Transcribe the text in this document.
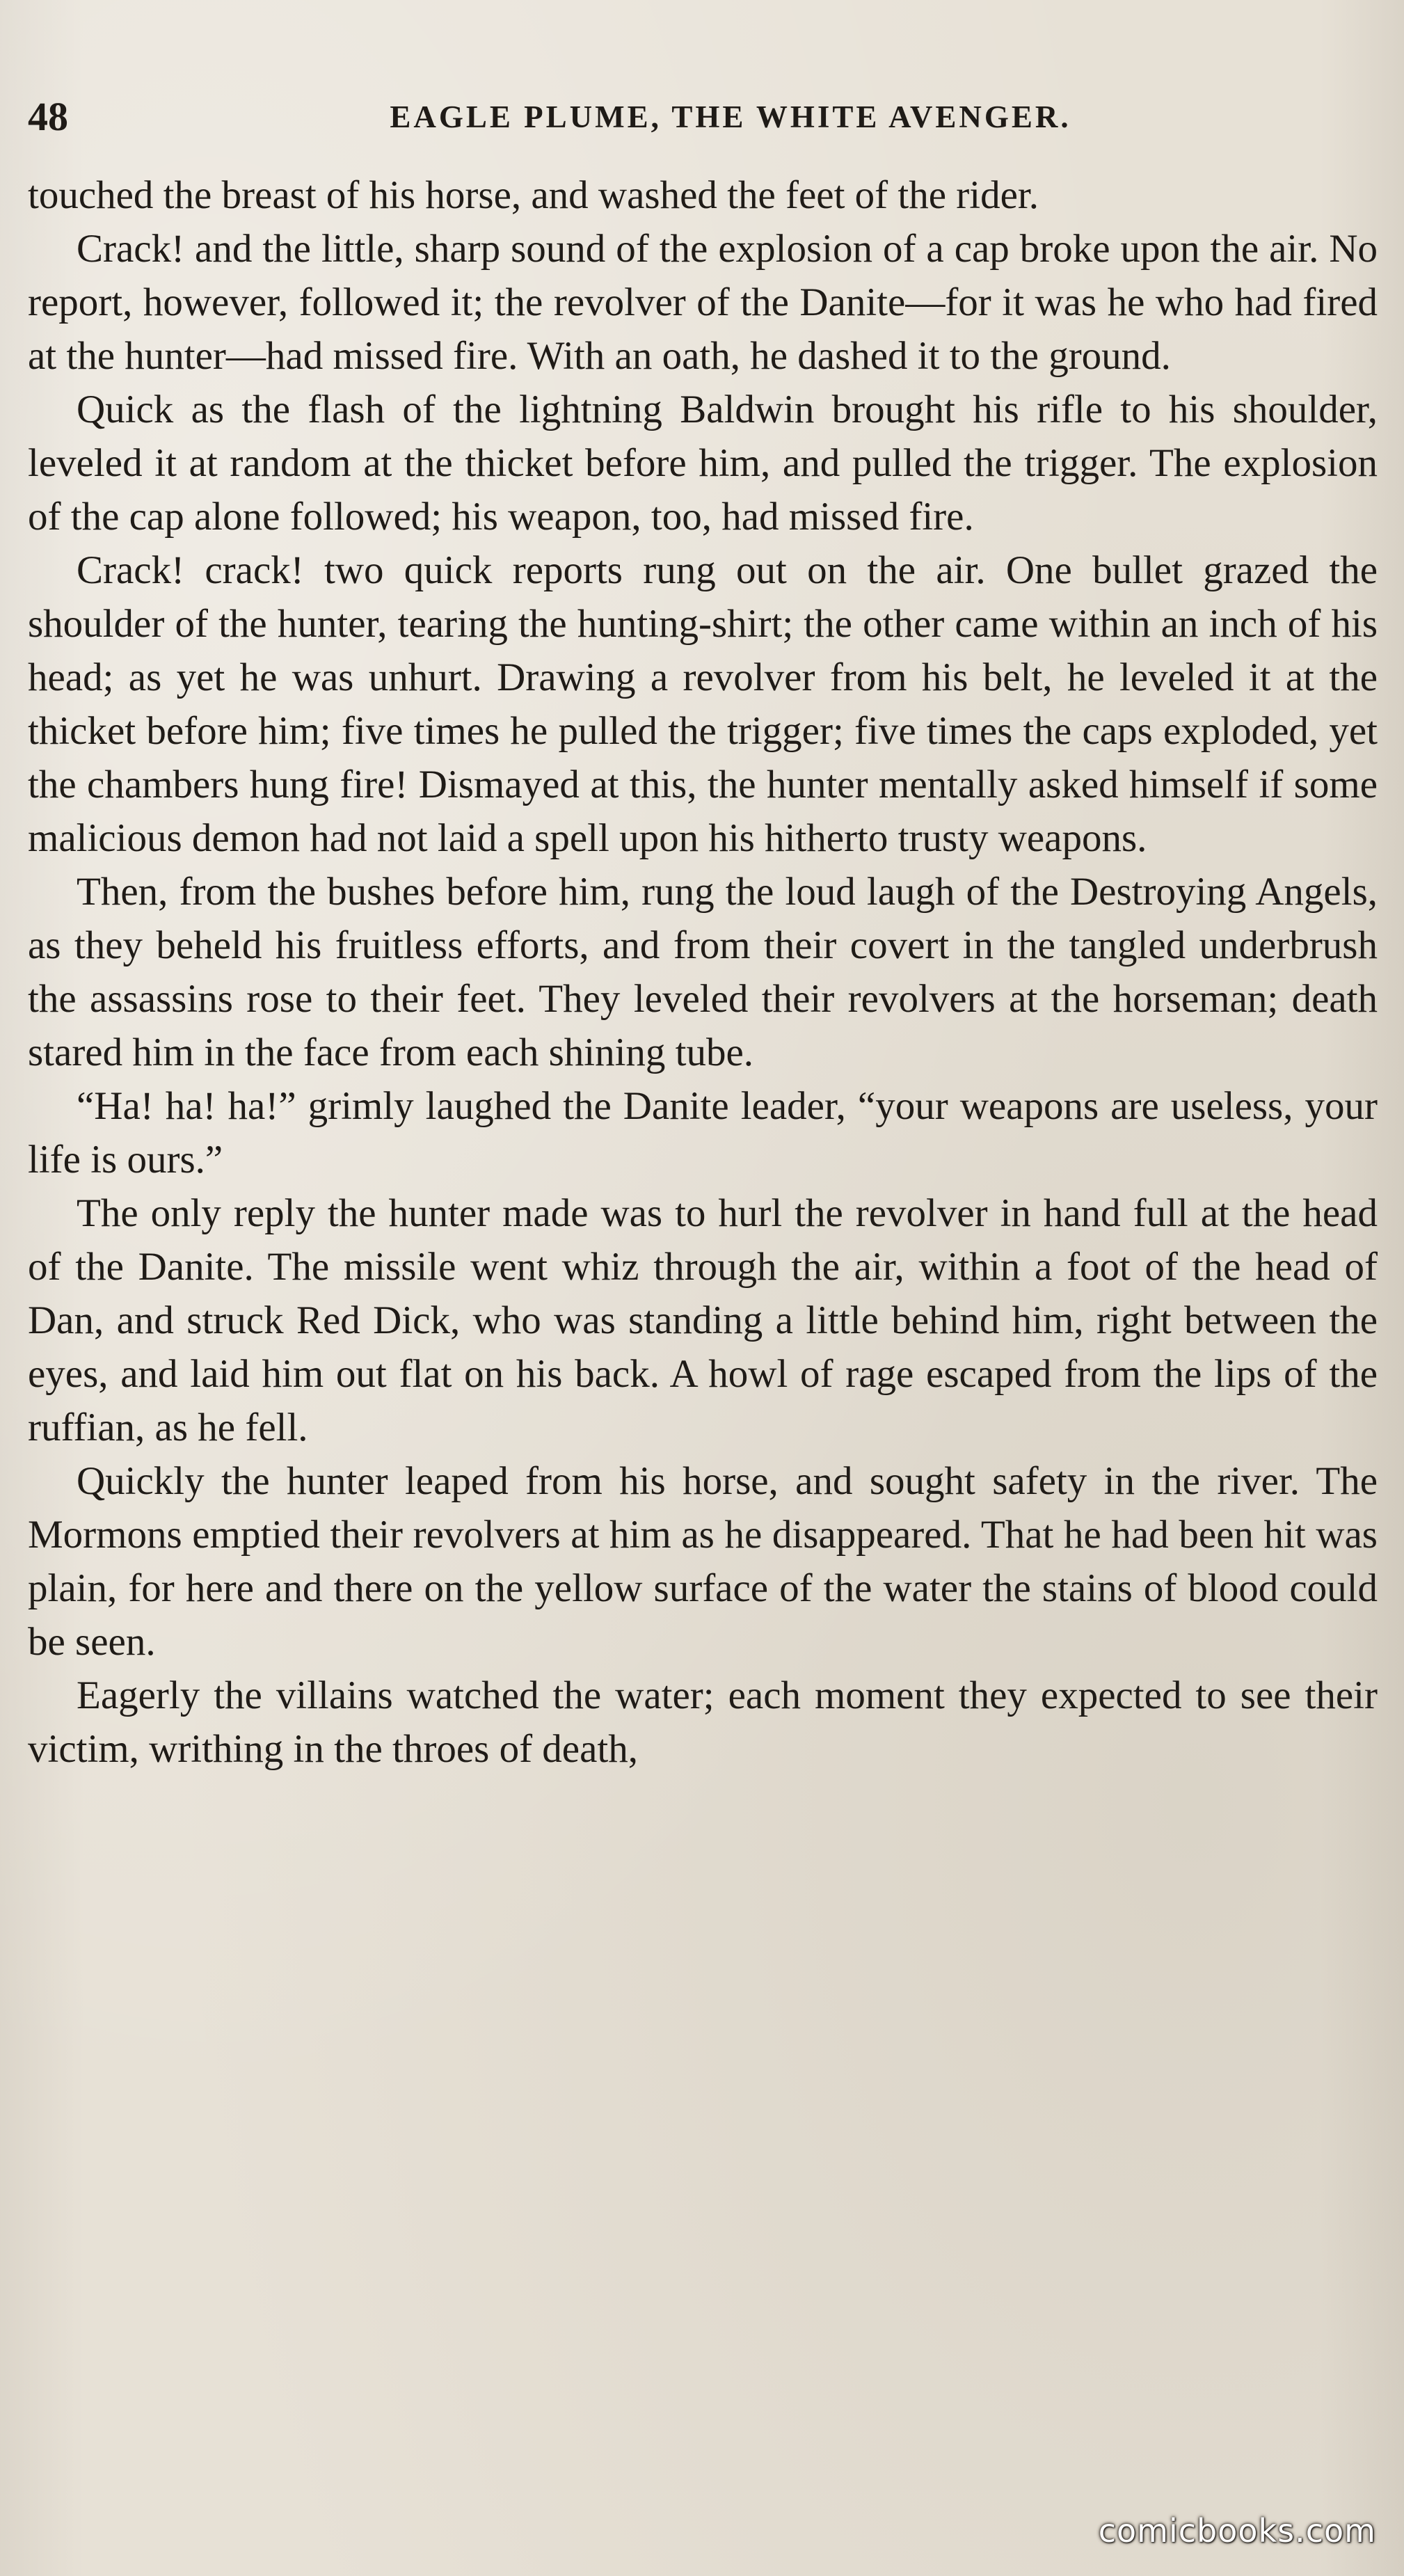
48	EAGLE PLUME, THE WHITE AVENGER.

touched the breast of his horse, and washed the feet of the rider.

Crack! and the little, sharp sound of the explosion of a cap broke upon the air. No report, however, followed it; the revolver of the Danite—for it was he who had fired at the hunter—had missed fire. With an oath, he dashed it to the ground.

Quick as the flash of the lightning Baldwin brought his rifle to his shoulder, leveled it at random at the thicket before him, and pulled the trigger. The explosion of the cap alone followed; his weapon, too, had missed fire.

Crack! crack! two quick reports rung out on the air. One bullet grazed the shoulder of the hunter, tearing the hunting-shirt; the other came within an inch of his head; as yet he was unhurt. Drawing a revolver from his belt, he leveled it at the thicket before him; five times he pulled the trigger; five times the caps exploded, yet the chambers hung fire! Dismayed at this, the hunter mentally asked himself if some malicious demon had not laid a spell upon his hitherto trusty weapons.

Then, from the bushes before him, rung the loud laugh of the Destroying Angels, as they beheld his fruitless efforts, and from their covert in the tangled underbrush the assassins rose to their feet. They leveled their revolvers at the horseman; death stared him in the face from each shining tube.

“Ha! ha! ha!” grimly laughed the Danite leader, “your weapons are useless, your life is ours.”

The only reply the hunter made was to hurl the revolver in hand full at the head of the Danite. The missile went whiz through the air, within a foot of the head of Dan, and struck Red Dick, who was standing a little behind him, right between the eyes, and laid him out flat on his back. A howl of rage escaped from the lips of the ruffian, as he fell.

Quickly the hunter leaped from his horse, and sought safety in the river. The Mormons emptied their revolvers at him as he disappeared. That he had been hit was plain, for here and there on the yellow surface of the water the stains of blood could be seen.

Eagerly the villains watched the water; each moment they expected to see their victim, writhing in the throes of death,

comicbooks.com
